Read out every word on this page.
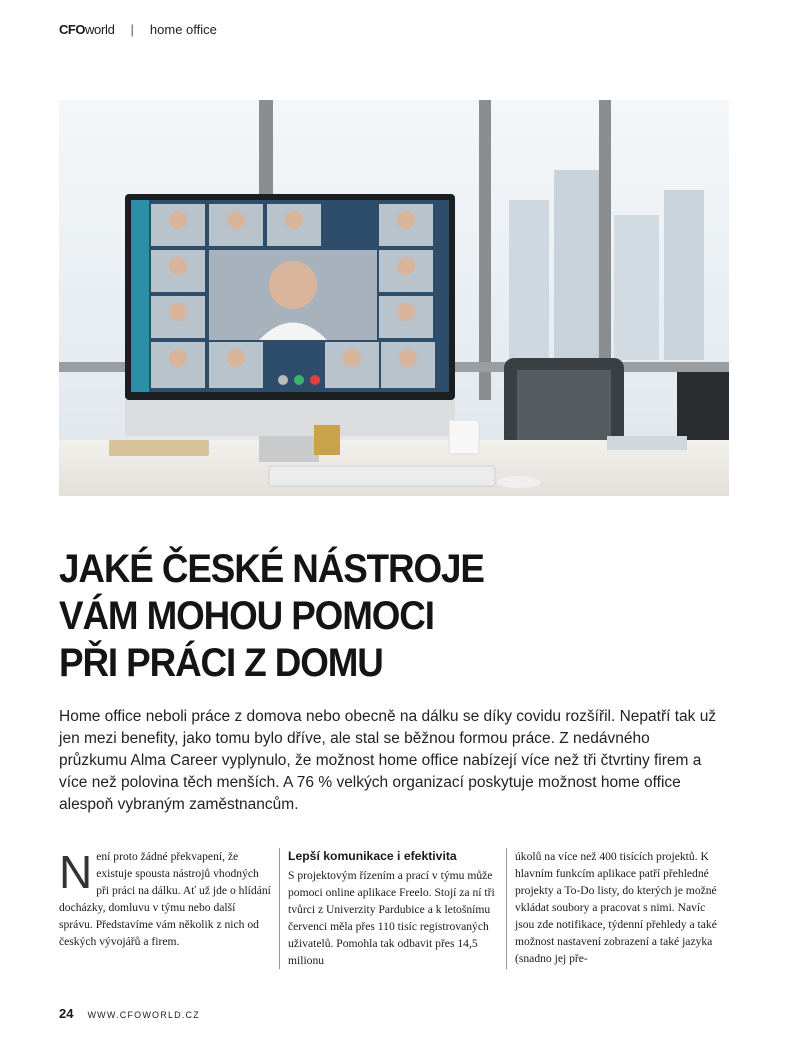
CFO world | home office
JAKÉ ČESKÉ NÁSTROJE
VÁM MOHOU POMOCI
PŘI PRÁCI Z DOMU

Home office neboli práce z domova nebo obecně na dálku se díky covidu rozšířil. Nepatří tak už jen mezi benefity, jako tomu bylo dříve, ale stal se běžnou formou práce. Z nedávného průzkumu Alma Career vyplynulo, že možnost home office nabízejí více než tři čtvrtiny firem a více než polovina těch menších. A 76 % velkých organizací poskytuje možnost home office alespoň vybraným zaměstnancům.

N ení proto žádné překvapení, že existuje spousta nástrojů vhodných při práci na dálku. Ať už jde o hlídání docházky, domluvu v týmu nebo další správu. Představíme vám několik z nich od českých vývojářů a firem.

Lepší komunikace i efektivita

S projektovým řízením a prací v týmu může pomoci online aplikace Freelo. Stojí za ní tři tvůrci z Univerzity Pardubice a k letošnímu červenci měla přes 110 tisíc registrovaných uživatelů. Pomohla tak odbavit přes 14,5 milionu

úkolů na více než 400 tisících projektů. K hlavním funkcím aplikace patří přehledné projekty a To-Do listy, do kterých je možné vkládat soubory a pracovat s nimi. Navíc jsou zde notifikace, týdenní přehledy a také možnost nastavení zobrazení a také jazyka (snadno jej pře-

24 WWW.CFOWORLD.CZ
